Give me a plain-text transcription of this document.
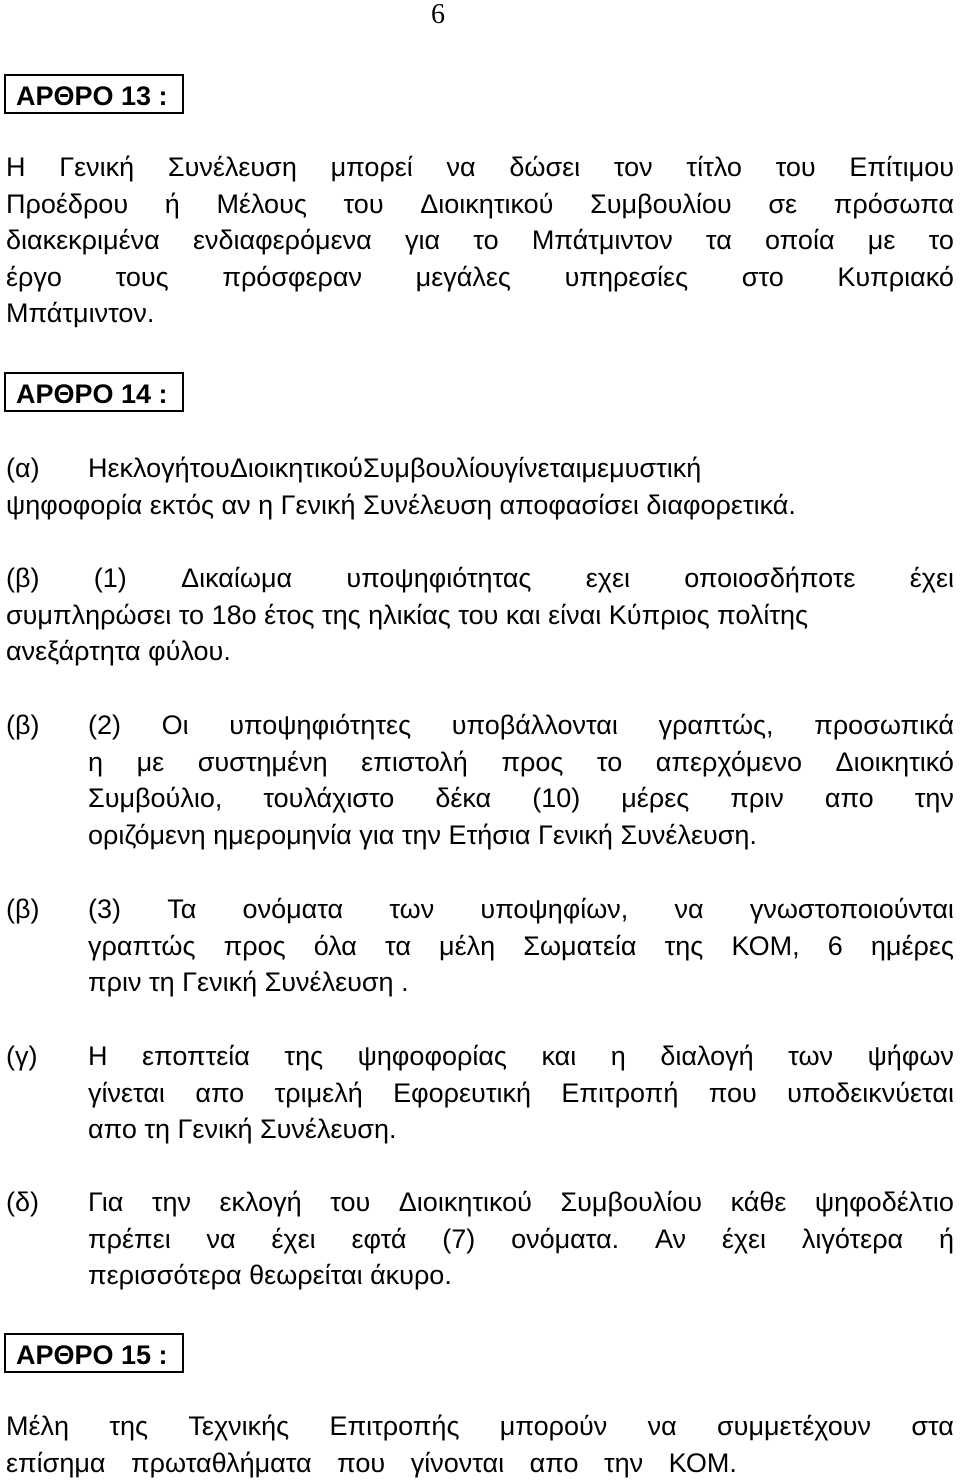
6
ΑΡΘΡΟ 13 :
Η Γενική Συνέλευση μπορεί να δώσει τον τίτλο του Επίτιμου
Προέδρου ή Μέλους του Διοικητικού Συμβουλίου σε πρόσωπα
διακεκριμένα ενδιαφερόμενα για το Μπάτμιντον τα οποία με το
έργο τους πρόσφεραν μεγάλες υπηρεσίες στο Κυπριακό
Μπάτμιντον.
ΑΡΘΡΟ 14 :
(α)	ΗεκλογήτουΔιοικητικούΣυμβουλίουγίνεταιμεμυστική
ψηφοφορία εκτός αν η Γενική Συνέλευση αποφασίσει διαφορετικά.
(β) (1) Δικαίωμα υποψηφιότητας εχει οποιοσδήποτε έχει
συμπληρώσει το 18ο έτος της ηλικίας του και είναι Κύπριος πολίτης
ανεξάρτητα φύλου.
(β) (2) Οι υποψηφιότητες υποβάλλονται γραπτώς, προσωπικά
η με συστημένη επιστολή προς το απερχόμενο Διοικητικό
Συμβούλιο, τουλάχιστο δέκα (10) μέρες πριν απο την
οριζόμενη ημερομηνία για την Ετήσια Γενική Συνέλευση.
(β) (3) Τα ονόματα των υποψηφίων, να γνωστοποιούνται
γραπτώς προς όλα τα μέλη Σωματεία της ΚΟΜ, 6 ημέρες
πριν τη Γενική Συνέλευση .
(γ) Η εποπτεία της ψηφοφορίας και η διαλογή των ψήφων
γίνεται απο τριμελή Εφορευτική Επιτροπή που υποδεικνύεται
απο τη Γενική Συνέλευση.
(δ) Για την εκλογή του Διοικητικού Συμβουλίου κάθε ψηφοδέλτιο
πρέπει να έχει εφτά (7) ονόματα. Αν έχει λιγότερα ή
περισσότερα θεωρείται άκυρο.
ΑΡΘΡΟ 15 :
Μέλη της Τεχνικής Επιτροπής μπορούν να συμμετέχουν στα
επίσημα πρωταθλήματα που γίνονται απο την ΚΟΜ.
